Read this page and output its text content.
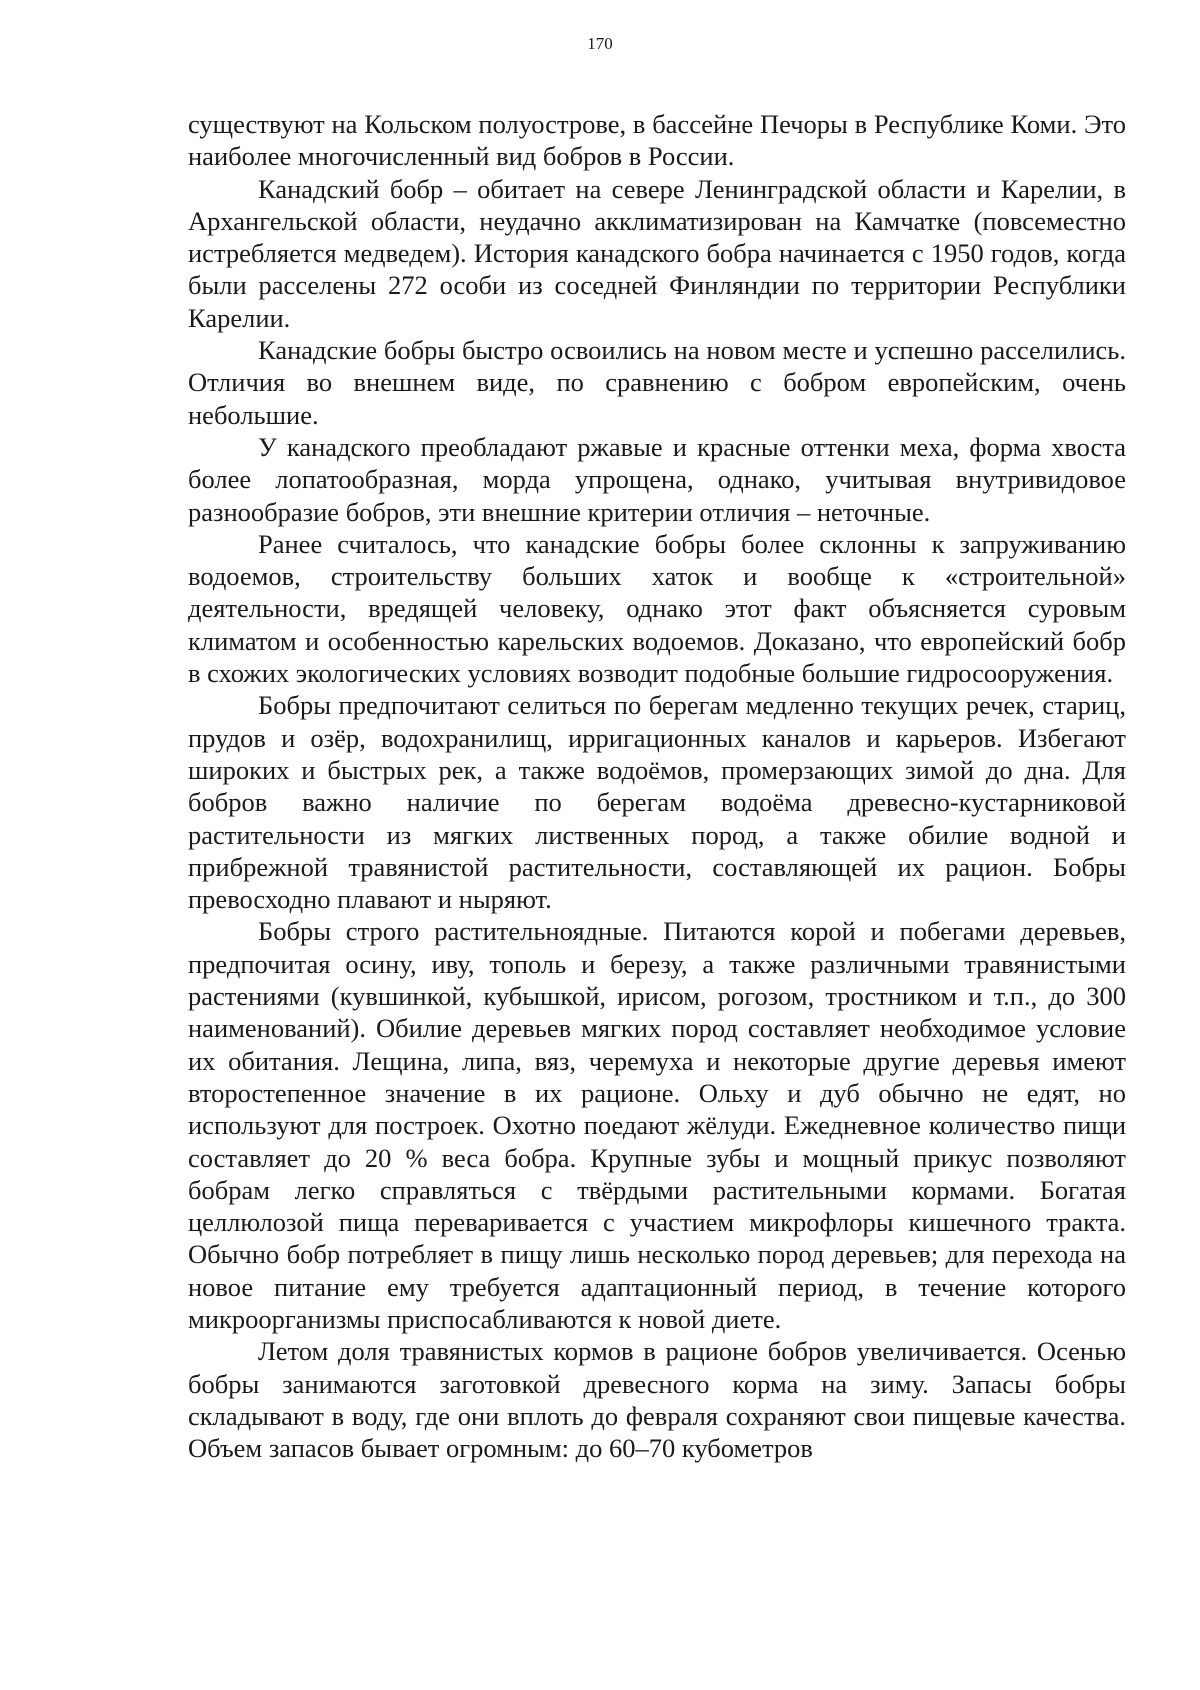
170

существуют на Кольском полуострове, в бассейне Печоры в Республике Коми. Это наиболее многочисленный вид бобров в России.

Канадский бобр – обитает на севере Ленинградской области и Карелии, в Архангельской области, неудачно акклиматизирован на Камчатке (повсеместно истребляется медведем). История канадского бобра начинается с 1950 годов, когда были расселены 272 особи из соседней Финляндии по территории Республики Карелии.

Канадские бобры быстро освоились на новом месте и успешно расселились. Отличия во внешнем виде, по сравнению с бобром европейским, очень небольшие.

У канадского преобладают ржавые и красные оттенки меха, форма хвоста более лопатообразная, морда упрощена, однако, учитывая внутривидовое разнообразие бобров, эти внешние критерии отличия – неточные.

Ранее считалось, что канадские бобры более склонны к запруживанию водоемов, строительству больших хаток и вообще к «строительной» деятельности, вредящей человеку, однако этот факт объясняется суровым климатом и особенностью карельских водоемов. Доказано, что европейский бобр в схожих экологических условиях возводит подобные большие гидросооружения.

Бобры предпочитают селиться по берегам медленно текущих речек, стариц, прудов и озёр, водохранилищ, ирригационных каналов и карьеров. Избегают широких и быстрых рек, а также водоёмов, промерзающих зимой до дна. Для бобров важно наличие по берегам водоёма древесно-кустарниковой растительности из мягких лиственных пород, а также обилие водной и прибрежной травянистой растительности, составляющей их рацион. Бобры превосходно плавают и ныряют.

Бобры строго растительноядные. Питаются корой и побегами деревьев, предпочитая осину, иву, тополь и березу, а также различными травянистыми растениями (кувшинкой, кубышкой, ирисом, рогозом, тростником и т.п., до 300 наименований). Обилие деревьев мягких пород составляет необходимое условие их обитания. Лещина, липа, вяз, черемуха и некоторые другие деревья имеют второстепенное значение в их рационе. Ольху и дуб обычно не едят, но используют для построек. Охотно поедают жёлуди. Ежедневное количество пищи составляет до 20 % веса бобра. Крупные зубы и мощный прикус позволяют бобрам легко справляться с твёрдыми растительными кормами. Богатая целлюлозой пища переваривается с участием микрофлоры кишечного тракта. Обычно бобр потребляет в пищу лишь несколько пород деревьев; для перехода на новое питание ему требуется адаптационный период, в течение которого микроорганизмы приспосабливаются к новой диете.

Летом доля травянистых кормов в рационе бобров увеличивается. Осенью бобры занимаются заготовкой древесного корма на зиму. Запасы бобры складывают в воду, где они вплоть до февраля сохраняют свои пищевые качества. Объем запасов бывает огромным: до 60–70 кубометров
